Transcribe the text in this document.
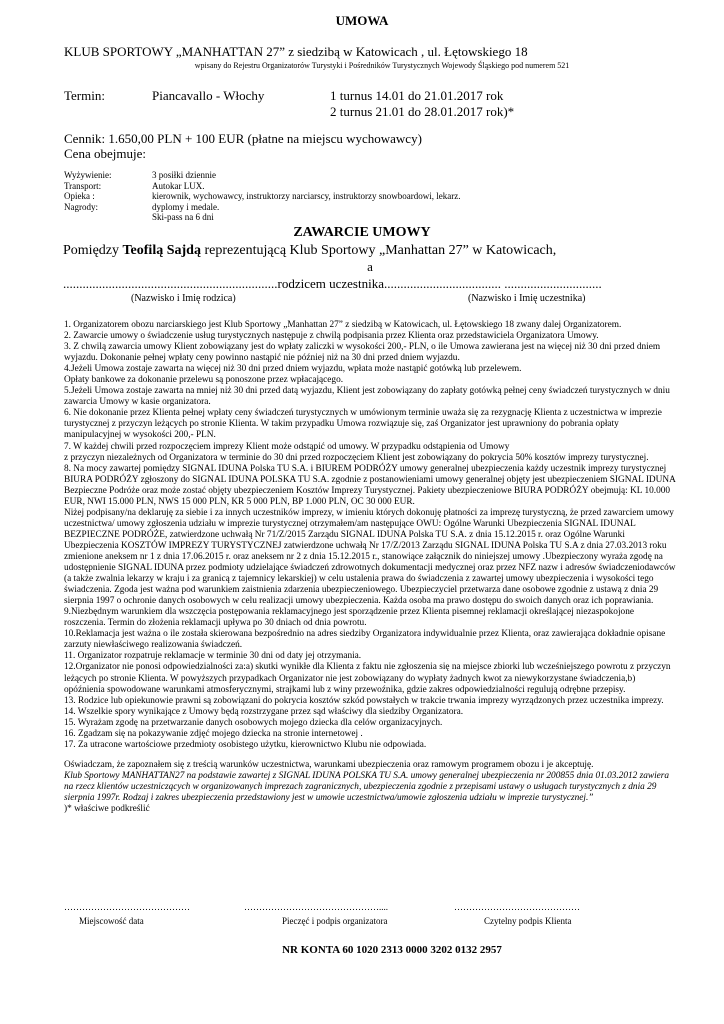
UMOWA
KLUB SPORTOWY „MANHATTAN 27” z siedzibą w Katowicach , ul. Łętowskiego 18
wpisany do Rejestru Organizatorów Turystyki i Pośredników Turystycznych Wojewody Śląskiego pod numerem 521
Termin:	Piancavallo - Włochy	1 turnus 14.01 do 21.01.2017 rok
2 turnus 21.01 do 28.01.2017 rok)*
Cennik: 1.650,00 PLN + 100 EUR (płatne na miejscu wychowawcy)
Cena obejmuje:
Wyżywienie:	3 posiłki dziennie
Transport:	Autokar LUX.
Opieka :	kierownik, wychowawcy, instruktorzy narciarscy, instruktorzy snowboardowi, lekarz.
Nagrody:	dyplomy i medale.
Ski-pass na 6 dni
ZAWARCIE UMOWY
Pomiędzy Teofilą Sajdą reprezentującą Klub Sportowy „Manhattan 27” w Katowicach,
a
..................................................................rodzicem uczestnika.................................... ..............................
(Nazwisko i Imię rodzica)	(Nazwisko i Imię uczestnika)

1. Organizatorem obozu narciarskiego jest Klub Sportowy „Manhattan 27” z siedzibą w Katowicach, ul. Łętowskiego 18 zwany dalej Organizatorem.

2. Zawarcie umowy o świadczenie usług turystycznych następuje z chwilą podpisania przez Klienta oraz przedstawiciela Organizatora Umowy.

3. Z chwilą zawarcia umowy Klient zobowiązany jest do wpłaty zaliczki w wysokości 200,- PLN, o ile Umowa zawierana jest na więcej niż 30 dni przed dniem wyjazdu. Dokonanie pełnej wpłaty ceny powinno nastąpić nie później niż na 30 dni przed dniem wyjazdu.

4.Jeżeli Umowa zostaje zawarta na więcej niż 30 dni przed dniem wyjazdu, wpłata może nastąpić gotówką lub przelewem.

Opłaty bankowe za dokonanie przelewu są ponoszone przez wpłacającego.

5.Jeżeli Umowa zostaje zawarta na mniej niż 30 dni przed datą wyjazdu, Klient jest zobowiązany do zapłaty gotówką pełnej ceny świadczeń turystycznych w dniu zawarcia Umowy w kasie organizatora.

6. Nie dokonanie przez Klienta pełnej wpłaty ceny świadczeń turystycznych w umówionym terminie uważa się za rezygnację Klienta z uczestnictwa w imprezie turystycznej z przyczyn leżących po stronie Klienta. W takim przypadku Umowa rozwiązuje się, zaś Organizator jest uprawniony do pobrania opłaty manipulacyjnej w wysokości 200,- PLN.

7. W każdej chwili przed rozpoczęciem imprezy Klient może odstąpić od umowy. W przypadku odstąpienia od Umowy

z przyczyn niezależnych od Organizatora w terminie do 30 dni przed rozpoczęciem Klient jest zobowiązany do pokrycia 50% kosztów imprezy turystycznej.

8. Na mocy zawartej pomiędzy SIGNAL IDUNA Polska TU S.A. i BIUREM PODRÓŻY umowy generalnej ubezpieczenia każdy uczestnik imprezy turystycznej BIURA PODRÓŻY zgłoszony do SIGNAL IDUNA POLSKA TU S.A. zgodnie z postanowieniami umowy generalnej objęty jest ubezpieczeniem SIGNAL IDUNA Bezpieczne Podróże oraz może zostać objęty ubezpieczeniem Kosztów Imprezy Turystycznej. Pakiety ubezpieczeniowe BIURA PODRÓŻY obejmują: KL 10.000 EUR, NWI 15.000 PLN, NWS 15 000 PLN, KR 5 000 PLN, BP 1.000 PLN, OC 30 000 EUR.

Niżej podpisany/na deklaruję za siebie i za innych uczestników imprezy, w imieniu których dokonuję płatności za imprezę turystyczną, że przed zawarciem umowy uczestnictwa/ umowy zgłoszenia udziału w imprezie turystycznej otrzymałem/am następujące OWU: Ogólne Warunki Ubezpieczenia SIGNAL IDUNAL BEZPIECZNE PODRÓŻE, zatwierdzone uchwałą Nr 71/Z/2015 Zarządu SIGNAL IDUNA Polska TU S.A. z dnia 15.12.2015 r. oraz Ogólne Warunki Ubezpieczenia KOSZTÓW IMPREZY TURYSTYCZNEJ zatwierdzone uchwałą Nr 17/Z/2013 Zarządu SIGNAL IDUNA Polska TU S.A z dnia 27.03.2013 roku zmienione aneksem nr 1 z dnia 17.06.2015 r. oraz aneksem nr 2 z dnia 15.12.2015 r., stanowiące załącznik do niniejszej umowy .Ubezpieczony wyraża zgodę na udostępnienie SIGNAL IDUNA przez podmioty udzielające świadczeń zdrowotnych dokumentacji medycznej oraz przez NFZ nazw i adresów świadczeniodawców (a także zwalnia lekarzy w kraju i za granicą z tajemnicy lekarskiej) w celu ustalenia prawa do świadczenia z zawartej umowy ubezpieczenia i wysokości tego świadczenia. Zgoda jest ważna pod warunkiem zaistnienia zdarzenia ubezpieczeniowego. Ubezpieczyciel przetwarza dane osobowe zgodnie z ustawą z dnia 29 sierpnia 1997 o ochronie danych osobowych w celu realizacji umowy ubezpieczenia. Każda osoba ma prawo dostępu do swoich danych oraz ich poprawiania.

9.Niezbędnym warunkiem dla wszczęcia postępowania reklamacyjnego jest sporządzenie przez Klienta pisemnej reklamacji określającej niezaspokojone roszczenia. Termin do złożenia reklamacji upływa po 30 dniach od dnia powrotu.

10.Reklamacja jest ważna o ile została skierowana bezpośrednio na adres siedziby Organizatora indywidualnie przez Klienta, oraz zawierająca dokładnie opisane zarzuty niewłaściwego realizowania świadczeń.

11. Organizator rozpatruje reklamacje w terminie 30 dni od daty jej otrzymania.

12.Organizator nie ponosi odpowiedzialności za:a) skutki wynikłe dla Klienta z faktu nie zgłoszenia się na miejsce zbiorki lub wcześniejszego powrotu z przyczyn leżących po stronie Klienta. W powyższych przypadkach Organizator nie jest zobowiązany do wypłaty żadnych kwot za niewykorzystane świadczenia,b) opóźnienia spowodowane warunkami atmosferycznymi, strajkami lub z winy przewoźnika, gdzie zakres odpowiedzialności regulują odrębne przepisy.

13. Rodzice lub opiekunowie prawni są zobowiązani do pokrycia kosztów szkód powstałych w trakcie trwania imprezy wyrządzonych przez uczestnika imprezy.

14. Wszelkie spory wynikające z Umowy będą rozstrzygane przez sąd właściwy dla siedziby Organizatora.

15. Wyrażam zgodę na przetwarzanie danych osobowych mojego dziecka dla celów organizacyjnych.

16. Zgadzam się na pokazywanie zdjęć mojego dziecka na stronie internetowej .

17. Za utracone wartościowe przedmioty osobistego użytku, kierownictwo Klubu nie odpowiada.

Oświadczam, że zapoznałem się z treścią warunków uczestnictwa, warunkami ubezpieczenia oraz ramowym programem obozu i je akceptuję.

Klub Sportowy MANHATTAN27 na podstawie zawartej z SIGNAL IDUNA POLSKA TU S.A. umowy generalnej ubezpieczenia nr 200855 dnia 01.03.2012 zawiera na rzecz klientów uczestniczących w organizowanych imprezach zagranicznych, ubezpieczenia zgodnie z przepisami ustawy o usługach turystycznych z dnia 29 sierpnia 1997r. Rodzaj i zakres ubezpieczenia przedstawiony jest w umowie uczestnictwa/umowie zgłoszenia udziału w imprezie turystycznej.”

)* właściwe podkreślić

……………………………………
Miejscowość data
………………………………………....
Pieczęć i podpis organizatora
……………………………………
Czytelny podpis Klienta
NR KONTA 60 1020 2313 0000 3202 0132 2957
